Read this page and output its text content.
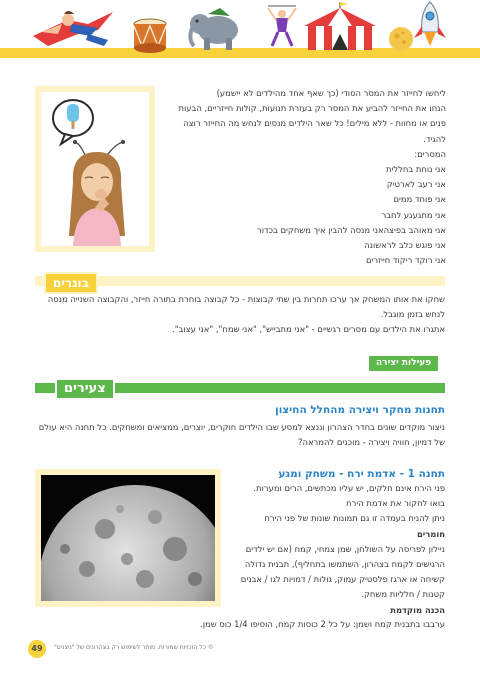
ליחשו לחייזר את המסר הסודי (כך שאף אחד מהילדים לא יישמע)
הנחו את החייזר להביע את המסר רק בעזרת תנועות, קולות חייזריים, הבעות
פנים או מחוות - ללא מילים! כל שאר הילדים מנסים לנחש מה החייזר רוצה
להגיד.
המסרים:
אני נוחת בחללית
אני רעב לארטיק
אני פוחד ממים
אני מתגעגע לחבר
אני מאוהב בפיצהאני מנסה להבין איך משחקים בכדור
אני פוגש כלב לראשונה
אני רוקד ריקוד חייזרים
בוגרים
שחקו את אותו המשחק אך ערכו תחרות בין שתי קבוצות - כל קבוצה בוחרת בתורה חייזר, והקבוצה השנייה מנסה
לנחש בזמן מוגבל.
אתגרו את הילדים עם מסרים רגשיים - "אני מתבייש", "אני שמח", "אני עצוב".
פעילות יצירה
צעירים
תחנות מחקר ויצירה מהחלל החיצון
ניצור מוקדים שונים בחדר הצהרון וננצא למסע שבו הילדים חוקרים, יוצרים, ממציאים ומשחקים. כל תחנה היא עולם
של דמיון, חוויה ויצירה - מוכנים להמראה?
תחנה 1 - אדמת ירח - משחק ומגע
פני הירח אינם חלקים, יש עליו מכתשים, הרים ומערות.
בואו לחקור את אדמת הירח
ניתן להניח בעמדה זו גם תמונות שונות של פני הירח
חומרים
ניילון לפריסה על השולחן, שמן צמחי, קמח (אם יש ילדים
הרגישים לקמח בצהרון, השתמשו בתחליף), תבנית גדולה
קשיחה או ארגז פלסטיק עמוק, גולות / דמויות לגו / אבנים
קטנות / חלליות משחק.
הכנה מוקדמת
ערבבו בתבנית קמח ושמן: על כל 2 כוסות קמח, הוסיפו 1/4 כוס שמן.
49	© כל הזכויות שמורות. מותר לשימוש רק בצהרונים של "ניצנים"
